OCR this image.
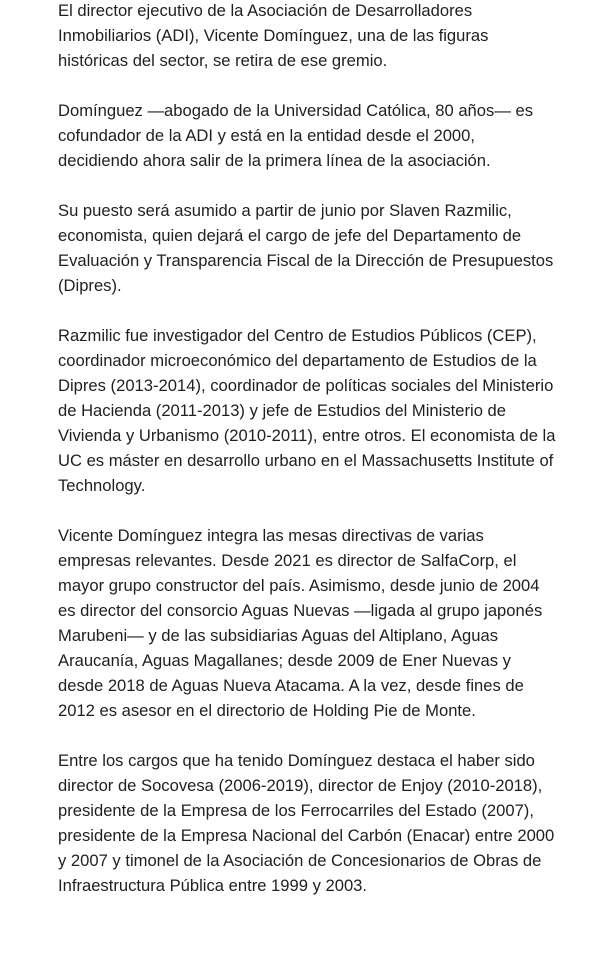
El director ejecutivo de la Asociación de Desarrolladores Inmobiliarios (ADI), Vicente Domínguez, una de las figuras históricas del sector, se retira de ese gremio.

Domínguez —abogado de la Universidad Católica, 80 años— es cofundador de la ADI y está en la entidad desde el 2000, decidiendo ahora salir de la primera línea de la asociación.

Su puesto será asumido a partir de junio por Slaven Razmilic, economista, quien dejará el cargo de jefe del Departamento de Evaluación y Transparencia Fiscal de la Dirección de Presupuestos (Dipres).

Razmilic fue investigador del Centro de Estudios Públicos (CEP), coordinador microeconómico del departamento de Estudios de la Dipres (2013-2014), coordinador de políticas sociales del Ministerio de Hacienda (2011-2013) y jefe de Estudios del Ministerio de Vivienda y Urbanismo (2010-2011), entre otros. El economista de la UC es máster en desarrollo urbano en el Massachusetts Institute of Technology.

Vicente Domínguez integra las mesas directivas de varias empresas relevantes. Desde 2021 es director de SalfaCorp, el mayor grupo constructor del país. Asimismo, desde junio de 2004 es director del consorcio Aguas Nuevas —ligada al grupo japonés Marubeni— y de las subsidiarias Aguas del Altiplano, Aguas Araucanía, Aguas Magallanes; desde 2009 de Ener Nuevas y desde 2018 de Aguas Nueva Atacama. A la vez, desde fines de 2012 es asesor en el directorio de Holding Pie de Monte.

Entre los cargos que ha tenido Domínguez destaca el haber sido director de Socovesa (2006-2019), director de Enjoy (2010-2018), presidente de la Empresa de los Ferrocarriles del Estado (2007), presidente de la Empresa Nacional del Carbón (Enacar) entre 2000 y 2007 y timonel de la Asociación de Concesionarios de Obras de Infraestructura Pública entre 1999 y 2003.
